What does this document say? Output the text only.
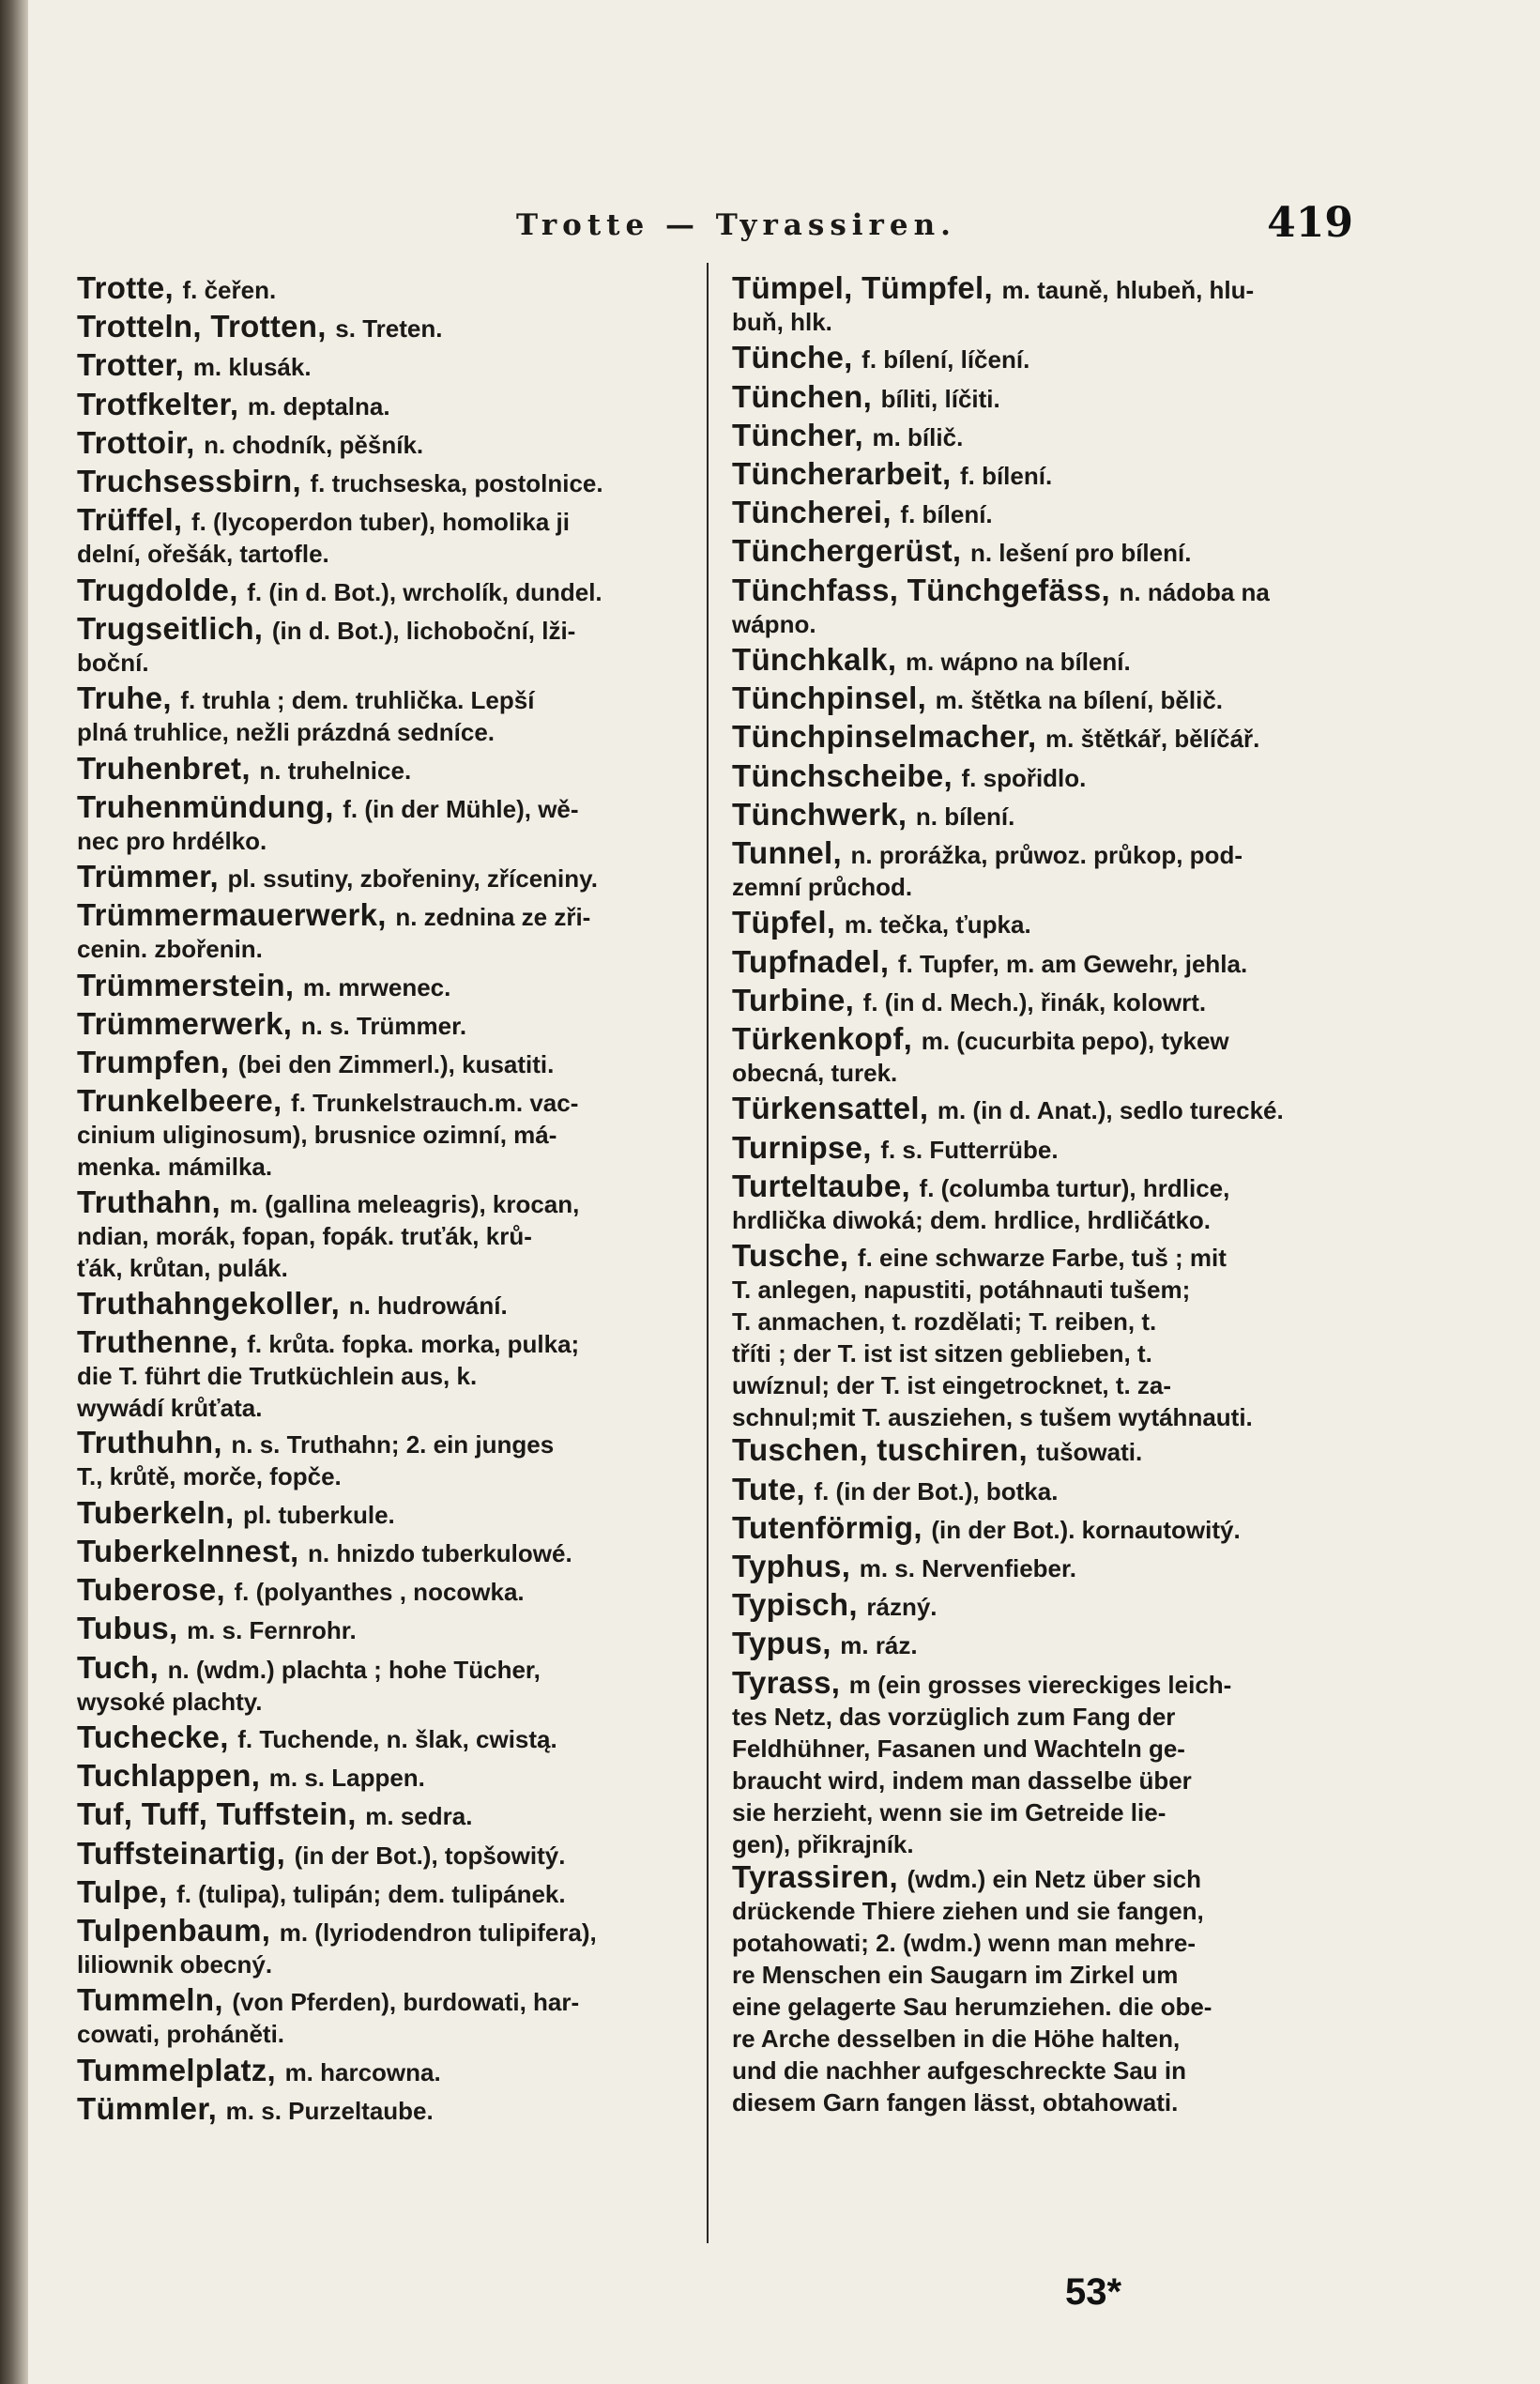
Trotte — Tyrassiren.	419
Trotte, f. čeřen.
Trotteln, Trotten, s. Treten.
Trotter, m. klusák.
Trotfkelter, m. deptalna.
Trottoir, n. chodník, pěšník.
Truchsessbirn, f. truchseska, postolnice.
Trüffel, f. (lycoperdon tuber), homolika ji
delní, ořešák, tartofle.
Trugdolde, f. (in d. Bot.), wrcholík, dundel.
Trugseitlich, (in d. Bot.), lichoboční, lži-
boční.
Truhe, f. truhla ; dem. truhlička. Lepší
plná truhlice, nežli prázdná sedníce.
Truhenbret, n. truhelnice.
Truhenmündung, f. (in der Mühle), wě-
nec pro hrdélko.
Trümmer, pl. ssutiny, zbořeniny, zříceniny.
Trümmermauerwerk, n. zednina ze zři-
cenin. zbořenin.
Trümmerstein, m. mrwenec.
Trümmerwerk, n. s. Trümmer.
Trumpfen, (bei den Zimmerl.), kusatiti.
Trunkelbeere, f. Trunkelstrauch.m. vac-
cinium uliginosum), brusnice ozimní, má-
menka. mámilka.
Truthahn, m. (gallina meleagris), krocan,
ndian, morák, fopan, fopák. truťák, krů-
ťák, krůtan, pulák.
Truthahngekoller, n. hudrowání.
Truthenne, f. krůta. fopka. morka, pulka;
die T. führt die Trutküchlein aus, k.
wywádí krůťata.
Truthuhn, n. s. Truthahn; 2. ein junges
T., krůtě, morče, fopče.
Tuberkeln, pl. tuberkule.
Tuberkelnnest, n. hnizdo tuberkulowé.
Tuberose, f. (polyanthes , nocowka.
Tubus, m. s. Fernrohr.
Tuch, n. (wdm.) plachta ; hohe Tücher,
wysoké plachty.
Tuchecke, f. Tuchende, n. šlak, cwistą.
Tuchlappen, m. s. Lappen.
Tuf, Tuff, Tuffstein, m. sedra.
Tuffsteinartig, (in der Bot.), topšowitý.
Tulpe, f. (tulipa), tulipán; dem. tulipánek.
Tulpenbaum, m. (lyriodendron tulipifera),
liliownik obecný.
Tummeln, (von Pferden), burdowati, har-
cowati, proháněti.
Tummelplatz, m. harcowna.
Tümmler, m. s. Purzeltaube.
Tümpel, Tümpfel, m. tauně, hlubeň, hlu-
buň, hlk.
Tünche, f. bílení, líčení.
Tünchen, bíliti, líčiti.
Tüncher, m. bílič.
Tüncherarbeit, f. bílení.
Tüncherei, f. bílení.
Tünchergerüst, n. lešení pro bílení.
Tünchfass, Tünchgefäss, n. nádoba na
wápno.
Tünchkalk, m. wápno na bílení.
Tünchpinsel, m. štětka na bílení, bělič.
Tünchpinselmacher, m. štětkář, bělíčář.
Tünchscheibe, f. spořidlo.
Tünchwerk, n. bílení.
Tunnel, n. prorážka, průwoz. průkop, pod-
zemní průchod.
Tüpfel, m. tečka, ťupka.
Tupfnadel, f. Tupfer, m. am Gewehr, jehla.
Turbine, f. (in d. Mech.), řinák, kolowrt.
Türkenkopf, m. (cucurbita pepo), tykew
obecná, turek.
Türkensattel, m. (in d. Anat.), sedlo turecké.
Turnipse, f. s. Futterrübe.
Turteltaube, f. (columba turtur), hrdlice,
hrdlička diwoká; dem. hrdlice, hrdličátko.
Tusche, f. eine schwarze Farbe, tuš ; mit
T. anlegen, napustiti, potáhnauti tušem;
T. anmachen, t. rozdělati; T. reiben, t.
tříti ; der T. ist ist sitzen geblieben, t.
uwíznul; der T. ist eingetrocknet, t. za-
schnul;mit T. ausziehen, s tušem wytáhnauti.
Tuschen, tuschiren, tušowati.
Tute, f. (in der Bot.), botka.
Tutenförmig, (in der Bot.). kornautowitý.
Typhus, m. s. Nervenfieber.
Typisch, rázný.
Typus, m. ráz.
Tyrass, m (ein grosses viereckiges leich-
tes Netz, das vorzüglich zum Fang der
Feldhühner, Fasanen und Wachteln ge-
braucht wird, indem man dasselbe über
sie herzieht, wenn sie im Getreide lie-
gen), přikrajník.
Tyrassiren, (wdm.) ein Netz über sich
drückende Thiere ziehen und sie fangen,
potahowati; 2. (wdm.) wenn man mehre-
re Menschen ein Saugarn im Zirkel um
eine gelagerte Sau herumziehen. die obe-
re Arche desselben in die Höhe halten,
und die nachher aufgeschreckte Sau in
diesem Garn fangen lässt, obtahowati.
53*
